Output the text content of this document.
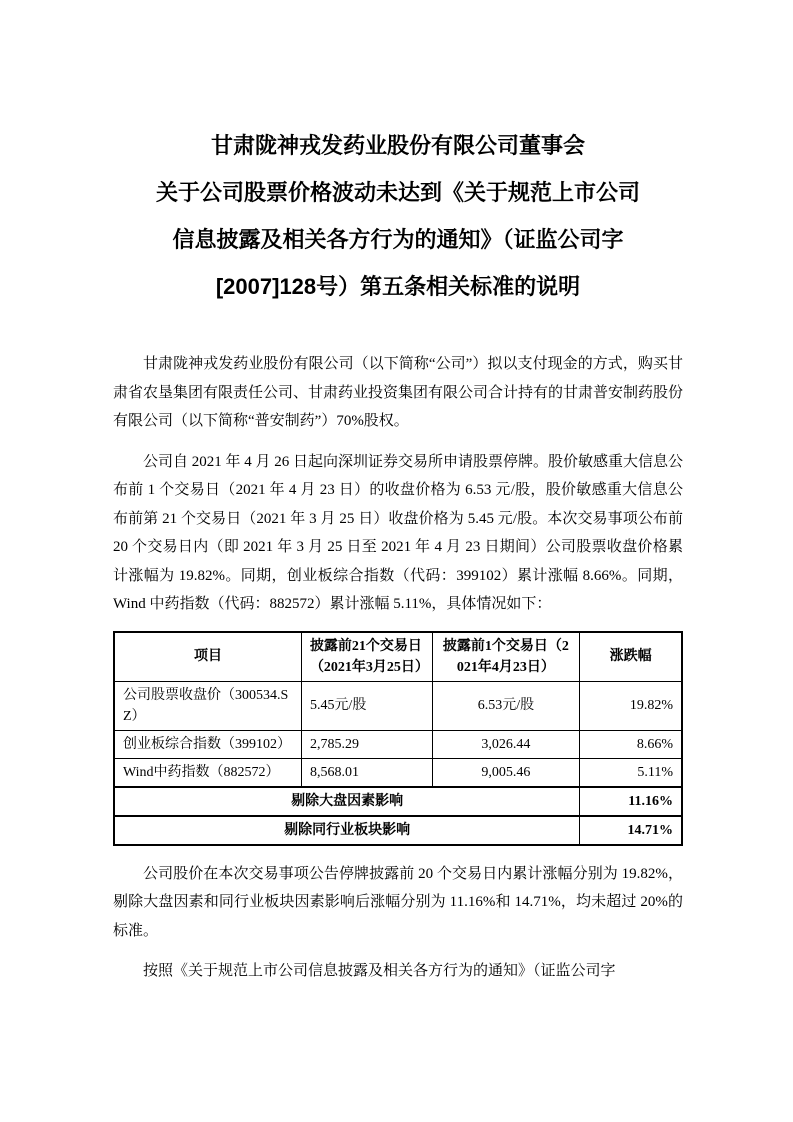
甘肃陇神戎发药业股份有限公司董事会
关于公司股票价格波动未达到《关于规范上市公司
信息披露及相关各方行为的通知》（证监公司字
[2007]128号）第五条相关标准的说明

甘肃陇神戎发药业股份有限公司（以下简称“公司”）拟以支付现金的方式，购买甘肃省农垦集团有限责任公司、甘肃药业投资集团有限公司合计持有的甘肃普安制药股份有限公司（以下简称“普安制药”）70%股权。

公司自 2021 年 4 月 26 日起向深圳证券交易所申请股票停牌。股价敏感重大信息公布前 1 个交易日（2021 年 4 月 23 日）的收盘价格为 6.53 元/股，股价敏感重大信息公布前第 21 个交易日（2021 年 3 月 25 日）收盘价格为 5.45 元/股。本次交易事项公布前 20 个交易日内（即 2021 年 3 月 25 日至 2021 年 4 月 23 日期间）公司股票收盘价格累计涨幅为 19.82%。同期，创业板综合指数（代码：399102）累计涨幅 8.66%。同期，Wind 中药指数（代码：882572）累计涨幅 5.11%，具体情况如下：

项目	披露前21个交易日（2021年3月25日）	披露前1个交易日（2021年4月23日）	涨跌幅
公司股票收盘价（300534.SZ）	5.45元/股	6.53元/股	19.82%
创业板综合指数（399102）	2,785.29	3,026.44	8.66%
Wind中药指数（882572）	8,568.01	9,005.46	5.11%
剔除大盘因素影响			11.16%
剔除同行业板块影响			14.71%

公司股价在本次交易事项公告停牌披露前 20 个交易日内累计涨幅分别为 19.82%，剔除大盘因素和同行业板块因素影响后涨幅分别为 11.16%和 14.71%，均未超过 20%的标准。

按照《关于规范上市公司信息披露及相关各方行为的通知》（证监公司字
